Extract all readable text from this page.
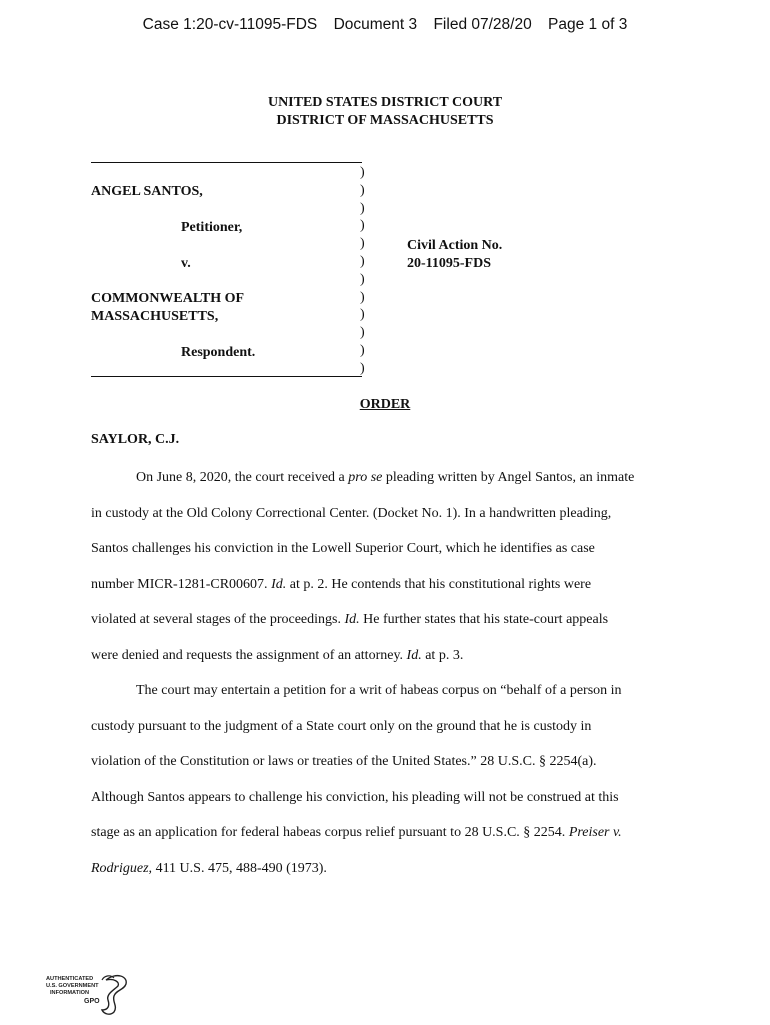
Case 1:20-cv-11095-FDS Document 3 Filed 07/28/20 Page 1 of 3
UNITED STATES DISTRICT COURT
DISTRICT OF MASSACHUSETTS
)
)
)
)
)
)
)
)
)
)
)
)
ANGEL SANTOS,
Petitioner,
v.
COMMONWEALTH OF
MASSACHUSETTS,
Respondent.
Civil Action No.
20-11095-FDS
ORDER
SAYLOR, C.J.
On June 8, 2020, the court received a pro se pleading written by Angel Santos, an inmate
in custody at the Old Colony Correctional Center. (Docket No. 1). In a handwritten pleading,
Santos challenges his conviction in the Lowell Superior Court, which he identifies as case
number MICR-1281-CR00607. Id. at p. 2. He contends that his constitutional rights were
violated at several stages of the proceedings. Id. He further states that his state-court appeals
were denied and requests the assignment of an attorney. Id. at p. 3.
The court may entertain a petition for a writ of habeas corpus on “behalf of a person in
custody pursuant to the judgment of a State court only on the ground that he is custody in
violation of the Constitution or laws or treaties of the United States.” 28 U.S.C. § 2254(a).
Although Santos appears to challenge his conviction, his pleading will not be construed at this
stage as an application for federal habeas corpus relief pursuant to 28 U.S.C. § 2254. Preiser v.
Rodriguez, 411 U.S. 475, 488-490 (1973).
AUTHENTICATED
U.S. GOVERNMENT
INFORMATION
GPO
